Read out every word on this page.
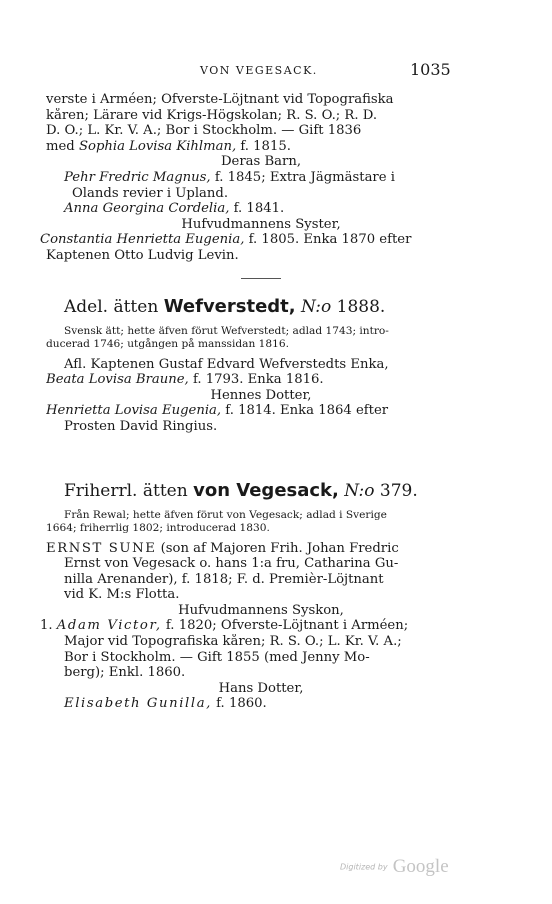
VON VEGESACK.	1035
verste i Arméen; Öfverste-Löjtnant vid Topografiska
kåren; Lärare vid Krigs-Högskolan; R. S. O.; R. D.
D. O.; L. Kr. V. A.; Bor i Stockholm. — Gift 1836
med Sophia Lovisa Kihlman, f. 1815.
Deras Barn,
Pehr Fredric Magnus, f. 1845; Extra Jägmästare i
Olands revier i Upland.
Anna Georgina Cordelia, f. 1841.
Hufvudmannens Syster,
Constantia Henrietta Eugenia, f. 1805. Enka 1870 efter
Kaptenen Otto Ludvig Levin.
Adel. ätten Wefverstedt, N:o 1888.
Svensk ätt; hette äfven förut Wefverstedt; adlad 1743; intro-
ducerad 1746; utgången på manssidan 1816.
Afl. Kaptenen Gustaf Edvard Wefverstedts Enka,
Beata Lovisa Braune, f. 1793. Enka 1816.
Hennes Dotter,
Henrietta Lovisa Eugenia, f. 1814. Enka 1864 efter
Prosten David Ringius.
Friherrl. ätten von Vegesack, N:o 379.
Från Rewal; hette äfven förut von Vegesack; adlad i Sverige
1664; friherrlig 1802; introducerad 1830.
ERNST SUNE (son af Majoren Frih. Johan Fredric
Ernst von Vegesack o. hans 1:a fru, Catharina Gu-
nilla Arenander), f. 1818; F. d. Premièr-Löjtnant
vid K. M:s Flotta.
Hufvudmannens Syskon,
1. Adam Victor, f. 1820; Öfverste-Löjtnant i Arméen;
Major vid Topografiska kåren; R. S. O.; L. Kr. V. A.;
Bor i Stockholm. — Gift 1855 (med Jenny Mo-
berg); Enkl. 1860.
Hans Dotter,
Elisabeth Gunilla, f. 1860.
Digitized by Google
